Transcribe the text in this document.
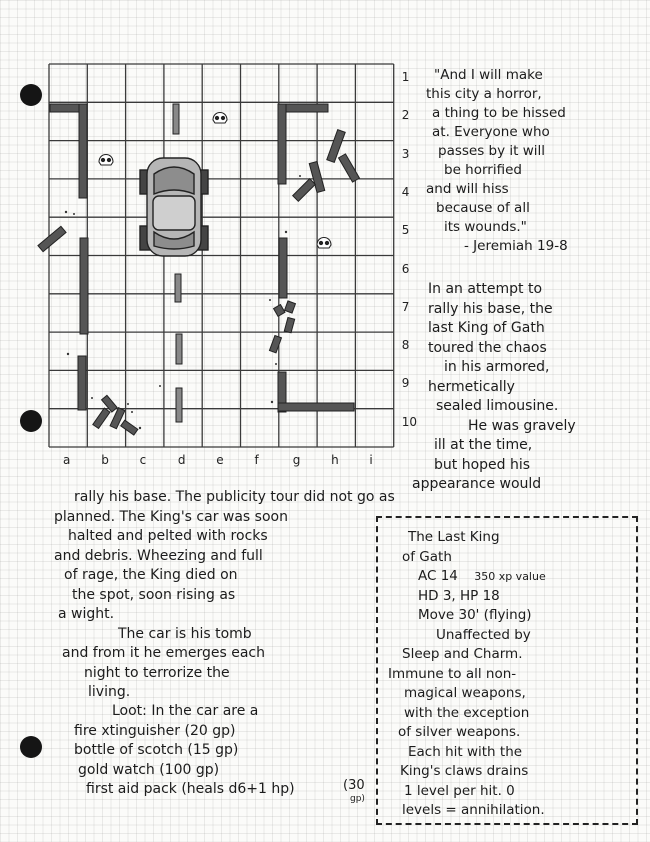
1
2
3
4
5
6
7
8
9
10
a	b	c	d	e	f	g	h	i
"And I will make
this city a horror,
a thing to be hissed
at. Everyone who
passes by it will
be horrified
and will hiss
because of all
its wounds."
- Jeremiah 19-8
In an attempt to
rally his base, the
last King of Gath
toured the chaos
in his armored,
hermetically
sealed limousine.
He was gravely
ill at the time,
but hoped his
appearance would
rally his base. The publicity tour did not go as
planned. The King's car was soon
halted and pelted with rocks
and debris. Wheezing and full
of rage, the King died on
the spot, soon rising as
a wight.
The car is his tomb
and from it he emerges each
night to terrorize the
living.
Loot: In the car are a
fire xtinguisher (20 gp)
bottle of scotch (15 gp)
gold watch (100 gp)
first aid pack (heals d6+1 hp)	(30
gp)
The Last King
of Gath
AC 14 350 xp value
HD 3, HP 18
Move 30' (flying)
Unaffected by
Sleep and Charm.
Immune to all non-
magical weapons,
with the exception
of silver weapons.
Each hit with the
King's claws drains
1 level per hit. 0
levels = annihilation.
